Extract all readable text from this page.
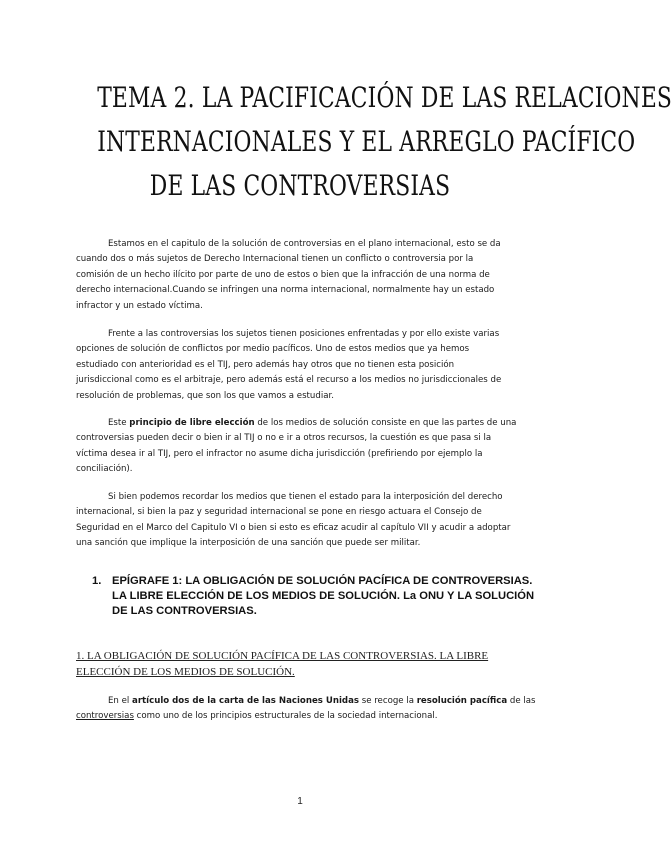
TEMA 2. LA PACIFICACIÓN DE LAS RELACIONES
INTERNACIONALES Y EL ARREGLO PACÍFICO
DE LAS CONTROVERSIAS
Estamos en el capitulo de la solución de controversias en el plano internacional, esto se da
cuando dos o más sujetos de Derecho Internacional tienen un conflicto o controversia por la
comisión de un hecho ilícito por parte de uno de estos o bien que la infracción de una norma de
derecho internacional.Cuando se infringen una norma internacional, normalmente hay un estado
infractor y un estado víctima.
Frente a las controversias los sujetos tienen posiciones enfrentadas y por ello existe varias
opciones de solución de conflictos por medio pacíficos. Uno de estos medios que ya hemos
estudiado con anterioridad es el TIJ, pero además hay otros que no tienen esta posición
jurisdiccional como es el arbitraje, pero además está el recurso a los medios no jurisdiccionales de
resolución de problemas, que son los que vamos a estudiar.
Este principio de libre elección de los medios de solución consiste en que las partes de una
controversias pueden decir o bien ir al TIJ o no e ir a otros recursos, la cuestión es que pasa si la
víctima desea ir al TIJ, pero el infractor no asume dicha jurisdicción (prefiriendo por ejemplo la
conciliación).
Si bien podemos recordar los medios que tienen el estado para la interposición del derecho
internacional, si bien la paz y seguridad internacional se pone en riesgo actuara el Consejo de
Seguridad en el Marco del Capitulo VI o bien si esto es eficaz acudir al capítulo VII y acudir a adoptar
una sanción que implique la interposición de una sanción que puede ser militar.
1. EPÍGRAFE 1: LA OBLIGACIÓN DE SOLUCIÓN PACÍFICA DE CONTROVERSIAS.
LA LIBRE ELECCIÓN DE LOS MEDIOS DE SOLUCIÓN. La ONU Y LA SOLUCIÓN
DE LAS CONTROVERSIAS.
1. LA OBLIGACIÓN DE SOLUCIÓN PACÍFICA DE LAS CONTROVERSIAS. LA LIBRE
ELECCIÓN DE LOS MEDIOS DE SOLUCIÓN.
En el artículo dos de la carta de las Naciones Unidas se recoge la resolución pacífica de las
controversias como uno de los principios estructurales de la sociedad internacional.
1
